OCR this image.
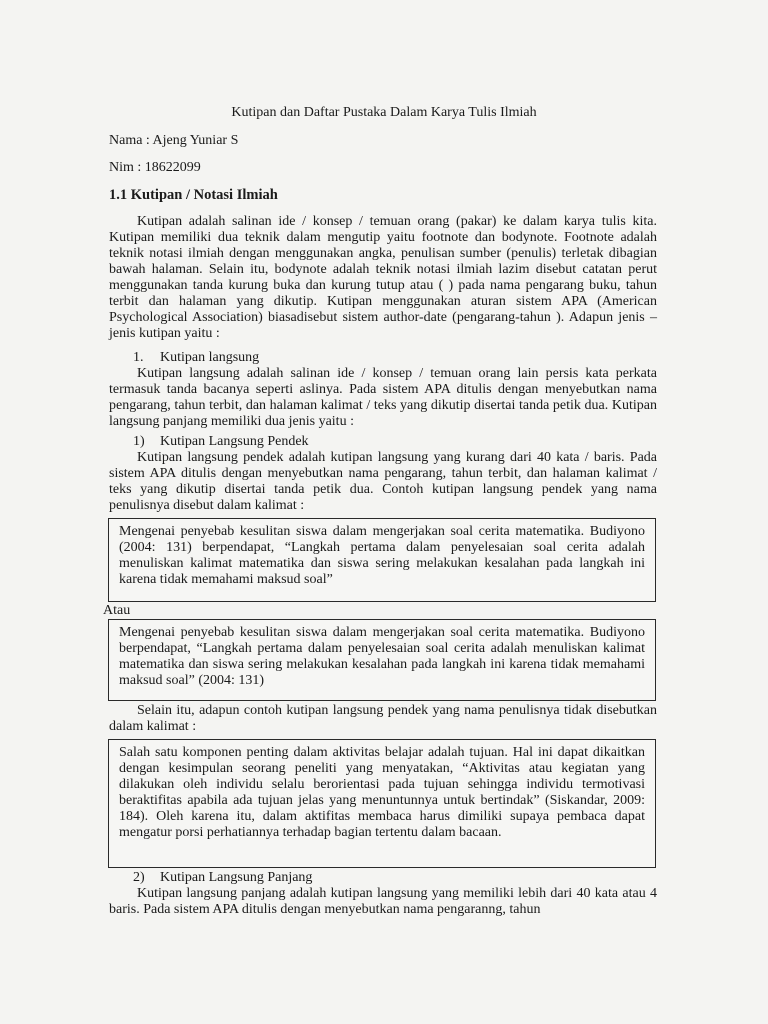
Kutipan dan Daftar Pustaka Dalam Karya Tulis Ilmiah

Nama : Ajeng Yuniar S

Nim : 18622099

1.1 Kutipan / Notasi Ilmiah

Kutipan adalah salinan ide / konsep / temuan orang (pakar) ke dalam karya tulis kita. Kutipan memiliki dua teknik dalam mengutip yaitu footnote dan bodynote. Footnote adalah teknik notasi ilmiah dengan menggunakan angka, penulisan sumber (penulis) terletak dibagian bawah halaman. Selain itu, bodynote adalah teknik notasi ilmiah lazim disebut catatan perut menggunakan tanda kurung buka dan kurung tutup atau ( ) pada nama pengarang buku, tahun terbit dan halaman yang dikutip. Kutipan menggunakan aturan sistem APA (American Psychological Association) biasadisebut sistem author-date (pengarang-tahun ). Adapun jenis – jenis kutipan yaitu :

1. Kutipan langsung

Kutipan langsung adalah salinan ide / konsep / temuan orang lain persis kata perkata termasuk tanda bacanya seperti aslinya. Pada sistem APA ditulis dengan menyebutkan nama pengarang, tahun terbit, dan halaman kalimat / teks yang dikutip disertai tanda petik dua. Kutipan langsung panjang memiliki dua jenis yaitu :

1) Kutipan Langsung Pendek

Kutipan langsung pendek adalah kutipan langsung yang kurang dari 40 kata / baris. Pada sistem APA ditulis dengan menyebutkan nama pengarang, tahun terbit, dan halaman kalimat / teks yang dikutip disertai tanda petik dua. Contoh kutipan langsung pendek yang nama penulisnya disebut dalam kalimat :

Mengenai penyebab kesulitan siswa dalam mengerjakan soal cerita matematika. Budiyono (2004: 131) berpendapat, “Langkah pertama dalam penyelesaian soal cerita adalah menuliskan kalimat matematika dan siswa sering melakukan kesalahan pada langkah ini karena tidak memahami maksud soal”

Atau

Mengenai penyebab kesulitan siswa dalam mengerjakan soal cerita matematika. Budiyono berpendapat, “Langkah pertama dalam penyelesaian soal cerita adalah menuliskan kalimat matematika dan siswa sering melakukan kesalahan pada langkah ini karena tidak memahami maksud soal” (2004: 131)

Selain itu, adapun contoh kutipan langsung pendek yang nama penulisnya tidak disebutkan dalam kalimat :

Salah satu komponen penting dalam aktivitas belajar adalah tujuan. Hal ini dapat dikaitkan dengan kesimpulan seorang peneliti yang menyatakan, “Aktivitas atau kegiatan yang dilakukan oleh individu selalu berorientasi pada tujuan sehingga individu termotivasi beraktifitas apabila ada tujuan jelas yang menuntunnya untuk bertindak” (Siskandar, 2009: 184). Oleh karena itu, dalam aktifitas membaca harus dimiliki supaya pembaca dapat mengatur porsi perhatiannya terhadap bagian tertentu dalam bacaan.

2) Kutipan Langsung Panjang

Kutipan langsung panjang adalah kutipan langsung yang memiliki lebih dari 40 kata atau 4 baris. Pada sistem APA ditulis dengan menyebutkan nama pengaranng, tahun
